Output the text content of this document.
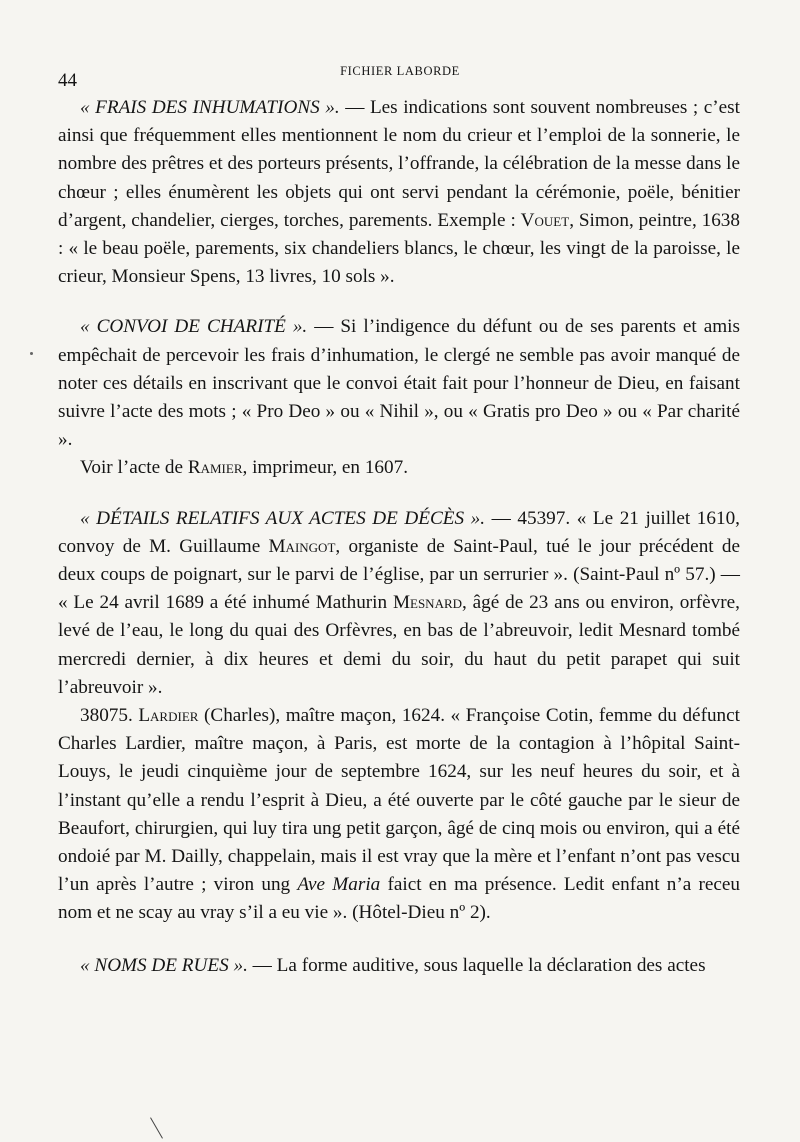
44	FICHIER LABORDE

« FRAIS DES INHUMATIONS ». — Les indications sont souvent nombreuses ; c’est ainsi que fréquemment elles mentionnent le nom du crieur et l’emploi de la sonnerie, le nombre des prêtres et des porteurs présents, l’offrande, la célébration de la messe dans le chœur ; elles énumèrent les objets qui ont servi pendant la cérémonie, poële, bénitier d’argent, chandelier, cierges, torches, parements. Exemple : Vouet, Simon, peintre, 1638 : « le beau poële, parements, six chandeliers blancs, le chœur, les vingt de la paroisse, le crieur, Monsieur Spens, 13 livres, 10 sols ».

« CONVOI DE CHARITÉ ». — Si l’indigence du défunt ou de ses parents et amis empêchait de percevoir les frais d’inhumation, le clergé ne semble pas avoir manqué de noter ces détails en inscrivant que le convoi était fait pour l’honneur de Dieu, en faisant suivre l’acte des mots ; « Pro Deo » ou « Nihil », ou « Gratis pro Deo » ou « Par charité ».

Voir l’acte de Ramier, imprimeur, en 1607.

« DÉTAILS RELATIFS AUX ACTES DE DÉCÈS ». — 45397. « Le 21 juillet 1610, convoy de M. Guillaume Maingot, organiste de Saint-Paul, tué le jour précédent de deux coups de poignart, sur le parvi de l’église, par un serrurier ». (Saint-Paul nº 57.) — « Le 24 avril 1689 a été inhumé Mathurin Mesnard, âgé de 23 ans ou environ, orfèvre, levé de l’eau, le long du quai des Orfèvres, en bas de l’abreuvoir, ledit Mesnard tombé mercredi dernier, à dix heures et demi du soir, du haut du petit parapet qui suit l’abreuvoir ».

38075. Lardier (Charles), maître maçon, 1624. « Françoise Cotin, femme du défunct Charles Lardier, maître maçon, à Paris, est morte de la contagion à l’hôpital Saint-Louys, le jeudi cinquième jour de septembre 1624, sur les neuf heures du soir, et à l’instant qu’elle a rendu l’esprit à Dieu, a été ouverte par le côté gauche par le sieur de Beaufort, chirurgien, qui luy tira ung petit garçon, âgé de cinq mois ou environ, qui a été ondoié par M. Dailly, chappelain, mais il est vray que la mère et l’enfant n’ont pas vescu l’un après l’autre ; viron ung Ave Maria faict en ma présence. Ledit enfant n’a receu nom et ne scay au vray s’il a eu vie ». (Hôtel-Dieu nº 2).

« NOMS DE RUES ». — La forme auditive, sous laquelle la déclaration des actes
